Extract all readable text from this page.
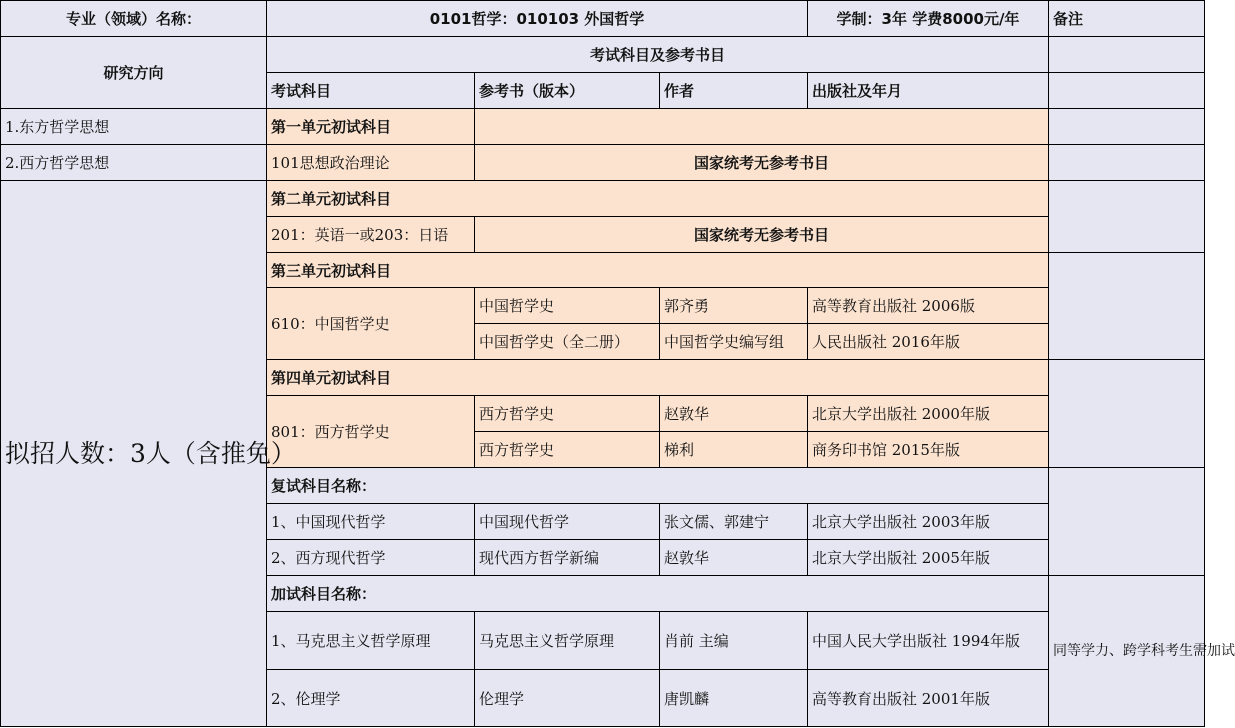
专业（领域）名称：	0101哲学：010103 外国哲学			学制：3年 学费8000元/年	备注
研究方向	考试科目及参考书目				
	考试科目	参考书（版本）	作者	出版社及年月	
1.东方哲学思想	第一单元初试科目				
2.西方哲学思想	101思想政治理论	国家统考无参考书目			
拟招人数：3人（含推免）	第二单元初试科目				
	201：英语一或203：日语	国家统考无参考书目			
	第三单元初试科目				
	610：中国哲学史	中国哲学史	郭齐勇	高等教育出版社 2006版	
		中国哲学史（全二册）	中国哲学史编写组	人民出版社 2016年版	
	第四单元初试科目				
	801：西方哲学史	西方哲学史	赵敦华	北京大学出版社 2000年版	
		西方哲学史	梯利	商务印书馆 2015年版	
	复试科目名称：				
	1、中国现代哲学	中国现代哲学	张文儒、郭建宁	北京大学出版社 2003年版	
	2、西方现代哲学	现代西方哲学新编	赵敦华	北京大学出版社 2005年版	
	加试科目名称：				同等学力、跨学科考生需加试
	1、马克思主义哲学原理	马克思主义哲学原理	肖前 主编	中国人民大学出版社 1994年版	
	2、伦理学	伦理学	唐凯麟	高等教育出版社 2001年版	
